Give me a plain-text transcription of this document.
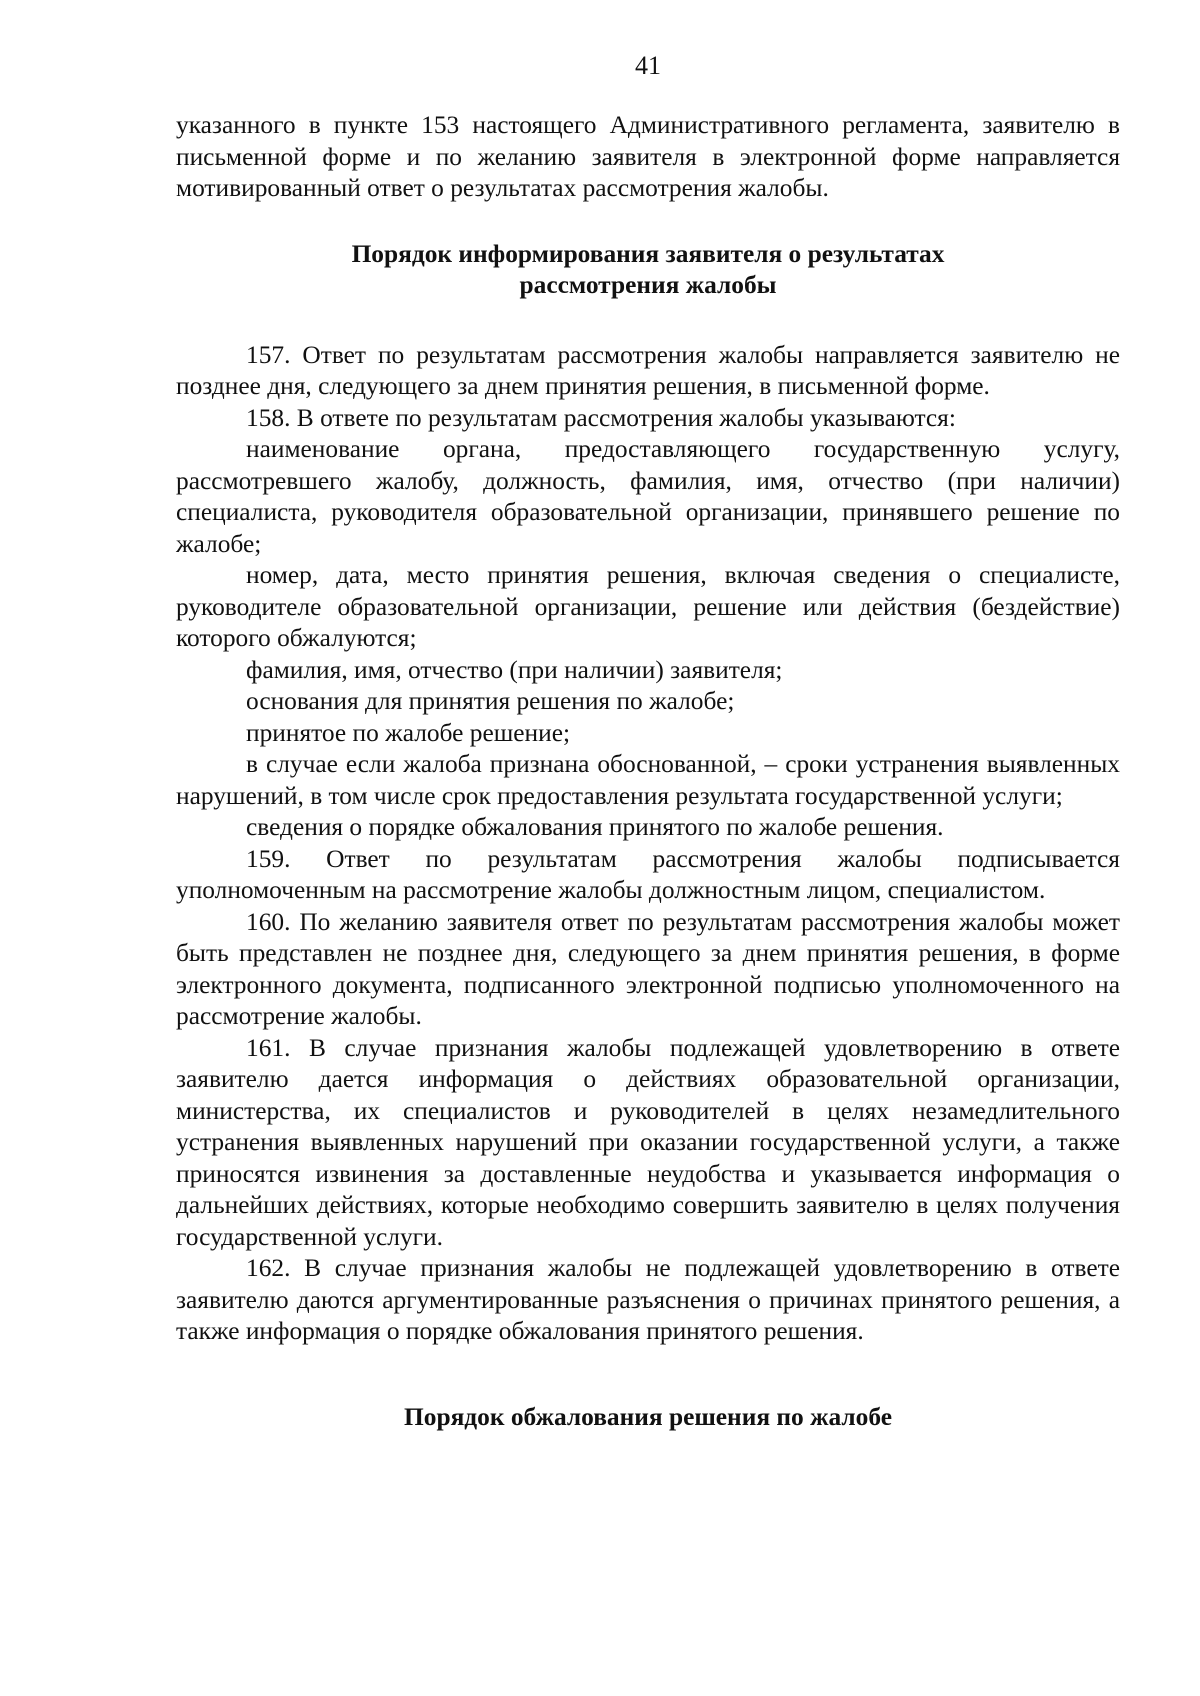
41

указанного в пункте 153 настоящего Административного регламента, заявителю в письменной форме и по желанию заявителя в электронной форме направляется мотивированный ответ о результатах рассмотрения жалобы.

Порядок информирования заявителя о результатах
рассмотрения жалобы

157. Ответ по результатам рассмотрения жалобы направляется заявителю не позднее дня, следующего за днем принятия решения, в письменной форме.

158. В ответе по результатам рассмотрения жалобы указываются:

наименование органа, предоставляющего государственную услугу, рассмотревшего жалобу, должность, фамилия, имя, отчество (при наличии) специалиста, руководителя образовательной организации, принявшего решение по жалобе;

номер, дата, место принятия решения, включая сведения о специалисте, руководителе образовательной организации, решение или действия (бездействие) которого обжалуются;

фамилия, имя, отчество (при наличии) заявителя;

основания для принятия решения по жалобе;

принятое по жалобе решение;

в случае если жалоба признана обоснованной, – сроки устранения выявленных нарушений, в том числе срок предоставления результата государственной услуги;

сведения о порядке обжалования принятого по жалобе решения.

159. Ответ по результатам рассмотрения жалобы подписывается уполномоченным на рассмотрение жалобы должностным лицом, специалистом.

160. По желанию заявителя ответ по результатам рассмотрения жалобы может быть представлен не позднее дня, следующего за днем принятия решения, в форме электронного документа, подписанного электронной подписью уполномоченного на рассмотрение жалобы.

161. В случае признания жалобы подлежащей удовлетворению в ответе заявителю дается информация о действиях образовательной организации, министерства, их специалистов и руководителей в целях незамедлительного устранения выявленных нарушений при оказании государственной услуги, а также приносятся извинения за доставленные неудобства и указывается информация о дальнейших действиях, которые необходимо совершить заявителю в целях получения государственной услуги.

162. В случае признания жалобы не подлежащей удовлетворению в ответе заявителю даются аргументированные разъяснения о причинах принятого решения, а также информация о порядке обжалования принятого решения.

Порядок обжалования решения по жалобе
